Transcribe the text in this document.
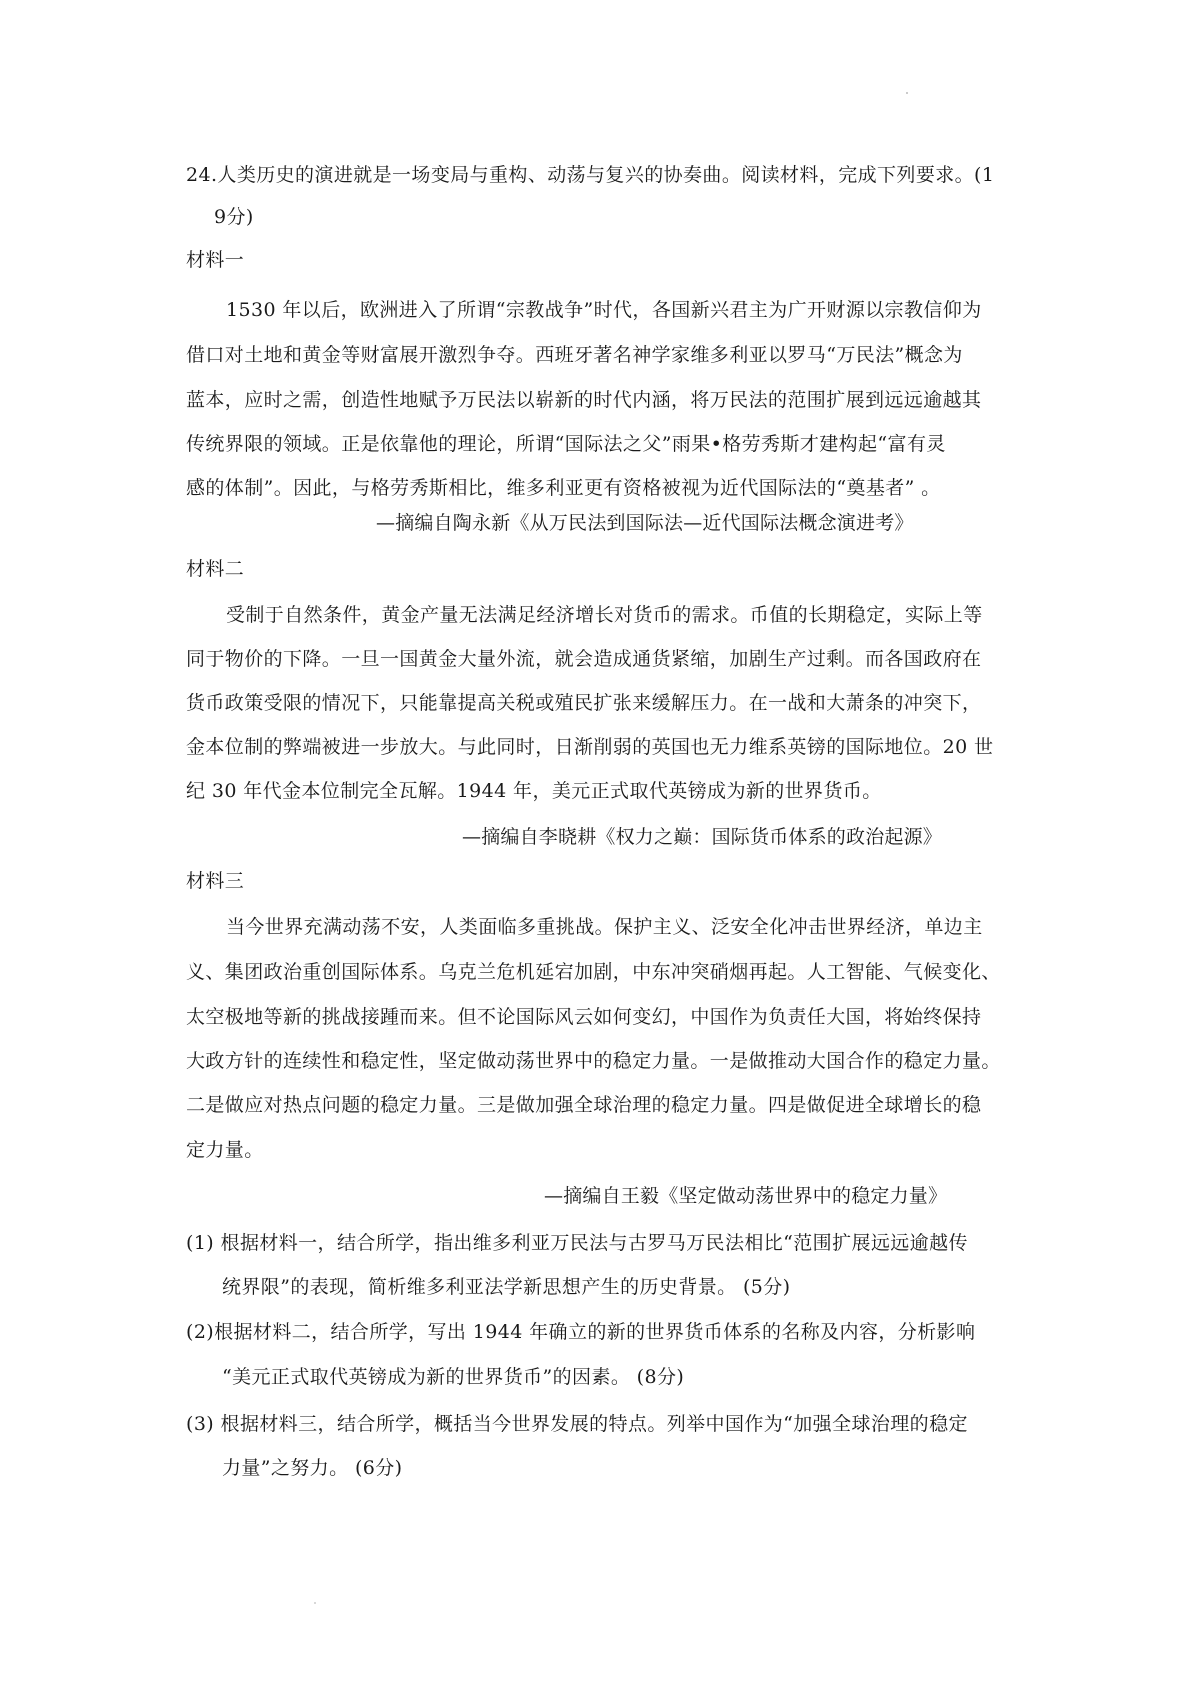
24.人类历史的演进就是一场变局与重构、动荡与复兴的协奏曲。阅读材料，完成下列要求。(1
9分)
材料一
1530 年以后，欧洲进入了所谓“宗教战争”时代，各国新兴君主为广开财源以宗教信仰为
借口对土地和黄金等财富展开激烈争夺。西班牙著名神学家维多利亚以罗马“万民法”概念为
蓝本，应时之需，创造性地赋予万民法以崭新的时代内涵，将万民法的范围扩展到远远逾越其
传统界限的领域。正是依靠他的理论，所谓“国际法之父”雨果•格劳秀斯才建构起“富有灵
感的体制”。因此，与格劳秀斯相比，维多利亚更有资格被视为近代国际法的“奠基者” 。
—摘编自陶永新《从万民法到国际法—近代国际法概念演进考》
材料二
受制于自然条件，黄金产量无法满足经济增长对货币的需求。币值的长期稳定，实际上等
同于物价的下降。一旦一国黄金大量外流，就会造成通货紧缩，加剧生产过剩。而各国政府在
货币政策受限的情况下，只能靠提高关税或殖民扩张来缓解压力。在一战和大萧条的冲突下，
金本位制的弊端被进一步放大。与此同时，日渐削弱的英国也无力维系英镑的国际地位。20 世
纪 30 年代金本位制完全瓦解。1944 年，美元正式取代英镑成为新的世界货币。
—摘编自李晓耕《权力之巅：国际货币体系的政治起源》
材料三
当今世界充满动荡不安，人类面临多重挑战。保护主义、泛安全化冲击世界经济，单边主
义、集团政治重创国际体系。乌克兰危机延宕加剧，中东冲突硝烟再起。人工智能、气候变化、
太空极地等新的挑战接踵而来。但不论国际风云如何变幻，中国作为负责任大国，将始终保持
大政方针的连续性和稳定性，坚定做动荡世界中的稳定力量。一是做推动大国合作的稳定力量。
二是做应对热点问题的稳定力量。三是做加强全球治理的稳定力量。四是做促进全球增长的稳
定力量。
—摘编自王毅《坚定做动荡世界中的稳定力量》
(1) 根据材料一，结合所学，指出维多利亚万民法与古罗马万民法相比“范围扩展远远逾越传
统界限”的表现，简析维多利亚法学新思想产生的历史背景。 (5分)
(2)根据材料二，结合所学，写出 1944 年确立的新的世界货币体系的名称及内容，分析影响
“美元正式取代英镑成为新的世界货币”的因素。 (8分)
(3) 根据材料三，结合所学，概括当今世界发展的特点。列举中国作为“加强全球治理的稳定
力量”之努力。 (6分)
